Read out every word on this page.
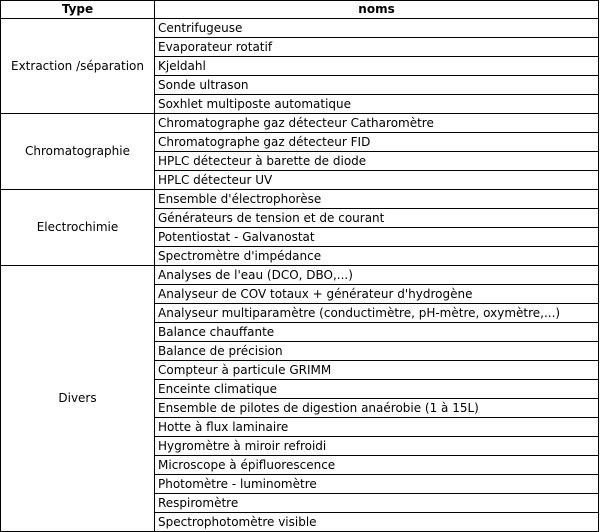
Type	noms
Extraction /séparation	Centrifugeuse
	Evaporateur rotatif
	Kjeldahl
	Sonde ultrason
	Soxhlet multiposte automatique
Chromatographie	Chromatographe gaz détecteur Catharomètre
	Chromatographe gaz détecteur FID
	HPLC détecteur à barette de diode
	HPLC détecteur UV
Electrochimie	Ensemble d'électrophorèse
	Générateurs de tension et de courant
	Potentiostat - Galvanostat
	Spectromètre d'impédance
Divers	Analyses de l'eau (DCO, DBO,...)
	Analyseur de COV totaux + générateur d'hydrogène
	Analyseur multiparamètre (conductimètre, pH-mètre, oxymètre,...)
	Balance chauffante
	Balance de précision
	Compteur à particule GRIMM
	Enceinte climatique
	Ensemble de pilotes de digestion anaérobie (1 à 15L)
	Hotte à flux laminaire
	Hygromètre à miroir refroidi
	Microscope à épifluorescence
	Photomètre - luminomètre
	Respiromètre
	Spectrophotomètre visible
